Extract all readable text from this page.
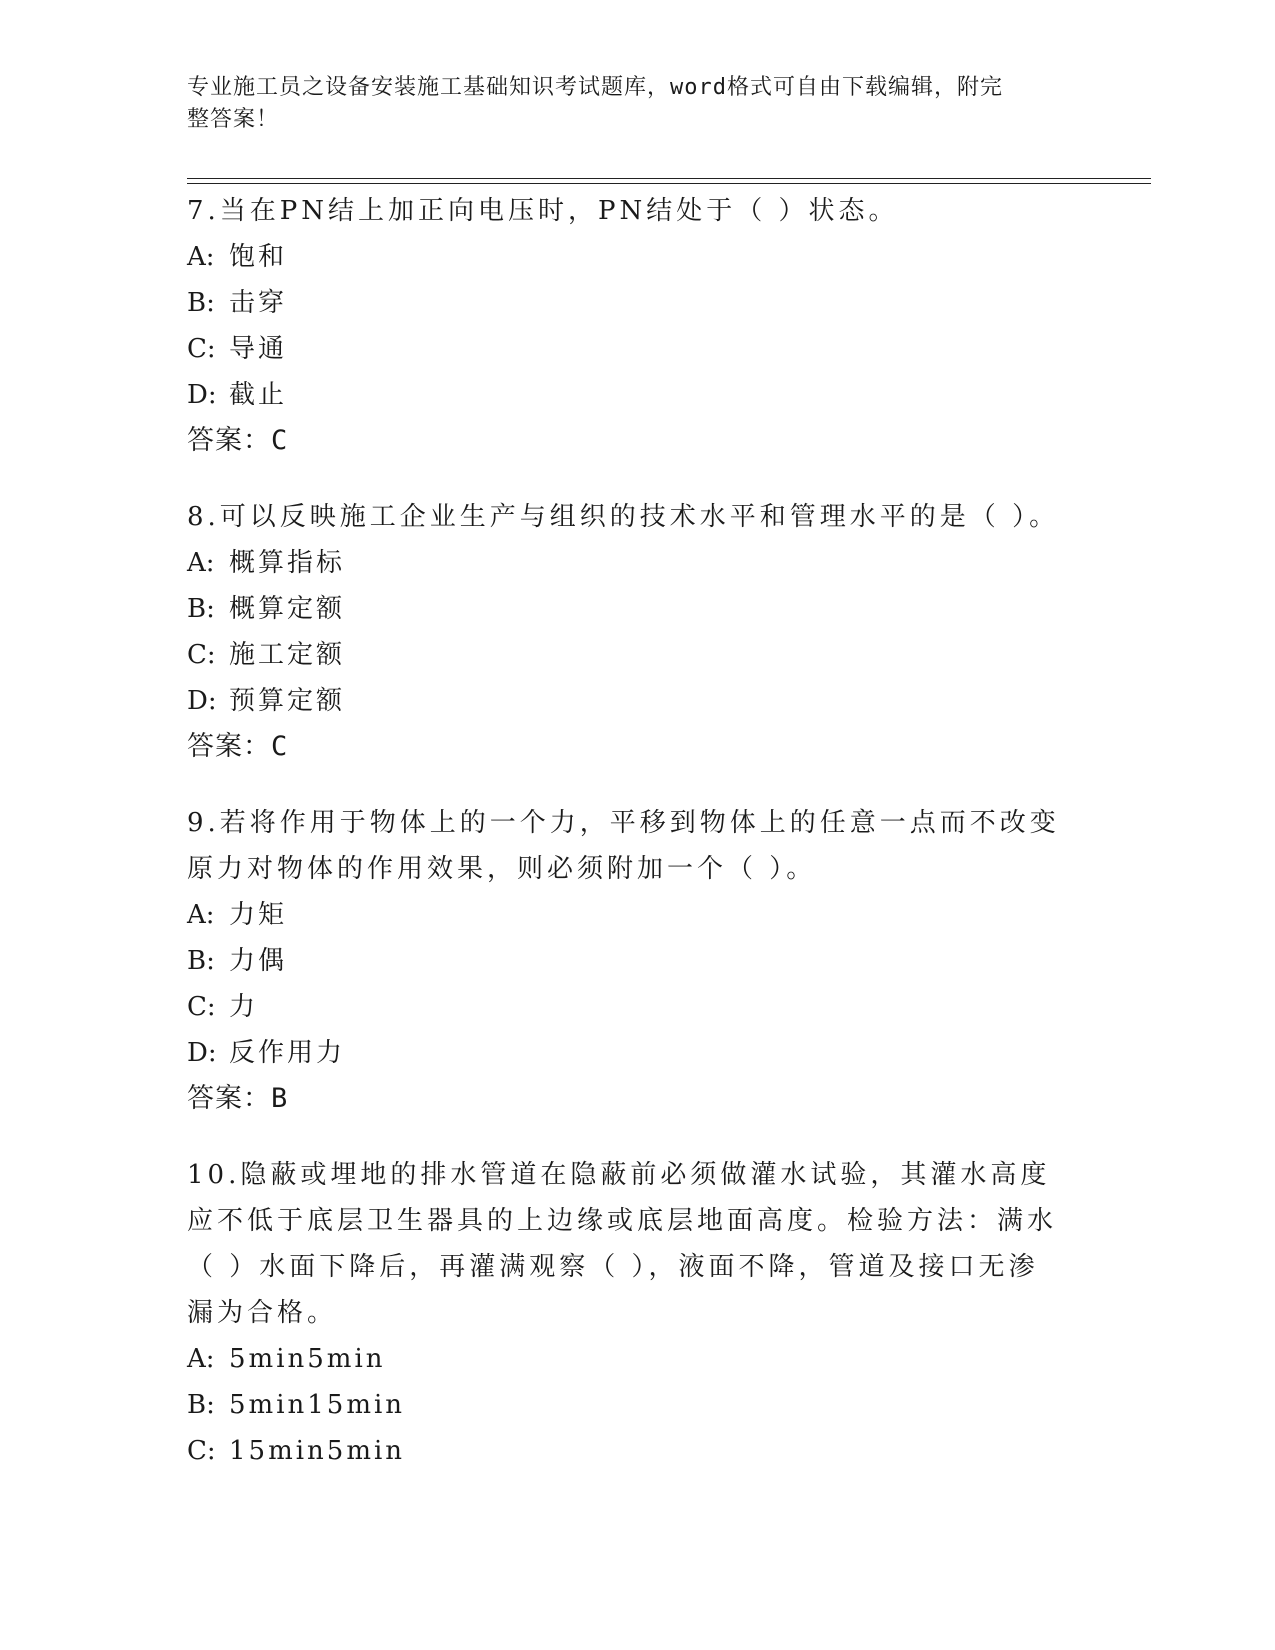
专业施工员之设备安装施工基础知识考试题库，word格式可自由下载编辑，附完
整答案！

7.当在PN结上加正向电压时，PN结处于（ ）状态。

A: 饱和

B: 击穿

C: 导通

D: 截止

答案：C

8.可以反映施工企业生产与组织的技术水平和管理水平的是（ ）。

A: 概算指标

B: 概算定额

C: 施工定额

D: 预算定额

答案：C

9.若将作用于物体上的一个力，平移到物体上的任意一点而不改变原力对物体的作用效果，则必须附加一个（ ）。

A: 力矩

B: 力偶

C: 力

D: 反作用力

答案：B

10.隐蔽或埋地的排水管道在隐蔽前必须做灌水试验，其灌水高度应不低于底层卫生器具的上边缘或底层地面高度。检验方法：满水（ ）水面下降后，再灌满观察（ ），液面不降，管道及接口无渗漏为合格。

A: 5min5min

B: 5min15min

C: 15min5min
